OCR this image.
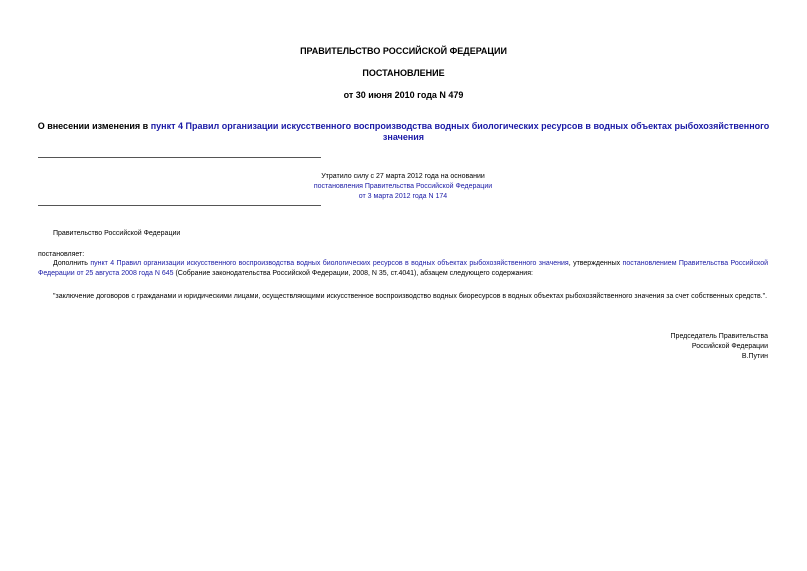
ПРАВИТЕЛЬСТВО РОССИЙСКОЙ ФЕДЕРАЦИИ
ПОСТАНОВЛЕНИЕ
от 30 июня 2010 года N 479
О внесении изменения в пункт 4 Правил организации искусственного воспроизводства водных биологических ресурсов в водных объектах рыбохозяйственного
значения
Утратило силу с 27 марта 2012 года на основании
постановления Правительства Российской Федерации
от 3 марта 2012 года N 174
Правительство Российской Федерации
постановляет:
Дополнить пункт 4 Правил организации искусственного воспроизводства водных биологических ресурсов в водных объектах рыбохозяйственного значения, утвержденных постановлением Правительства Российской Федерации от 25 августа 2008 года N 645 (Собрание законодательства Российской Федерации, 2008, N 35, ст.4041), абзацем следующего содержания:
"заключение договоров с гражданами и юридическими лицами, осуществляющими искусственное воспроизводство водных биоресурсов в водных объектах рыбохозяйственного значения за счет собственных средств.".
Председатель Правительства
Российской Федерации
В.Путин
